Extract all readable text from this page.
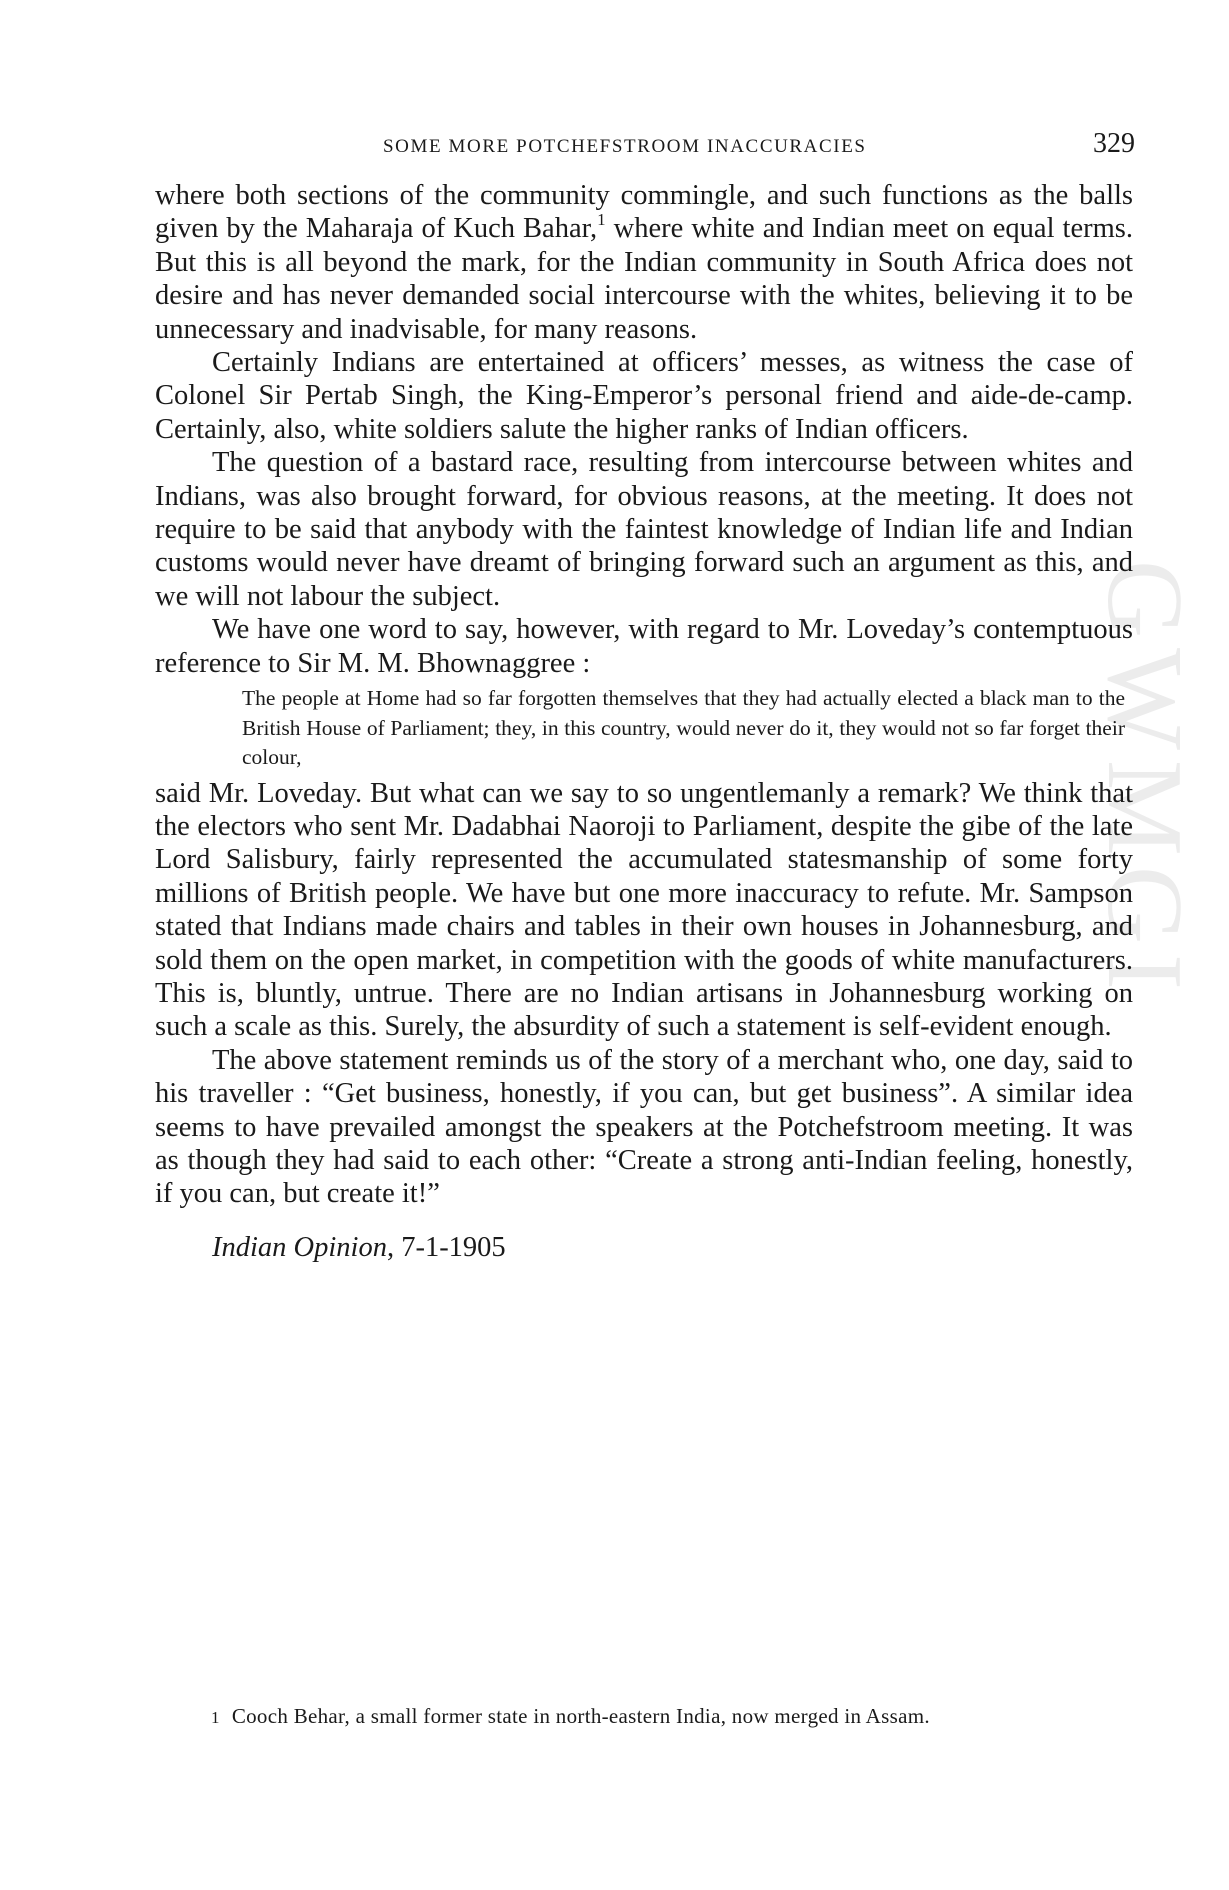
GWMGI
SOME MORE POTCHEFSTROOM INACCURACIES	329

where both sections of the community commingle, and such functions as the balls given by the Maharaja of Kuch Bahar,$^1$ where white and Indian meet on equal terms. But this is all beyond the mark, for the Indian community in South Africa does not desire and has never demanded social intercourse with the whites, believing it to be unnecessary and inadvisable, for many reasons.

Certainly Indians are entertained at officers’ messes, as witness the case of Colonel Sir Pertab Singh, the King-Emperor’s personal friend and aide-de-camp. Certainly, also, white soldiers salute the higher ranks of Indian officers.

The question of a bastard race, resulting from intercourse between whites and Indians, was also brought forward, for obvious reasons, at the meeting. It does not require to be said that anybody with the faintest knowledge of Indian life and Indian customs would never have dreamt of bringing forward such an argument as this, and we will not labour the subject.

We have one word to say, however, with regard to Mr. Loveday’s contemptuous reference to Sir M. M. Bhownaggree :

The people at Home had so far forgotten themselves that they had actually elected a black man to the British House of Parliament; they, in this country, would never do it, they would not so far forget their colour,

said Mr. Loveday. But what can we say to so ungentlemanly a remark? We think that the electors who sent Mr. Dadabhai Naoroji to Parliament, despite the gibe of the late Lord Salisbury, fairly represented the accumulated statesmanship of some forty millions of British people. We have but one more inaccuracy to refute. Mr. Sampson stated that Indians made chairs and tables in their own houses in Johannesburg, and sold them on the open market, in competition with the goods of white manufacturers. This is, bluntly, untrue. There are no Indian artisans in Johannesburg working on such a scale as this. Surely, the absurdity of such a statement is self-evident enough.

The above statement reminds us of the story of a merchant who, one day, said to his traveller : “Get business, honestly, if you can, but get business”. A similar idea seems to have prevailed amongst the speakers at the Potchefstroom meeting. It was as though they had said to each other: “Create a strong anti-Indian feeling, honestly, if you can, but create it!”

Indian Opinion, 7-1-1905

1 Cooch Behar, a small former state in north-eastern India, now merged in Assam.
